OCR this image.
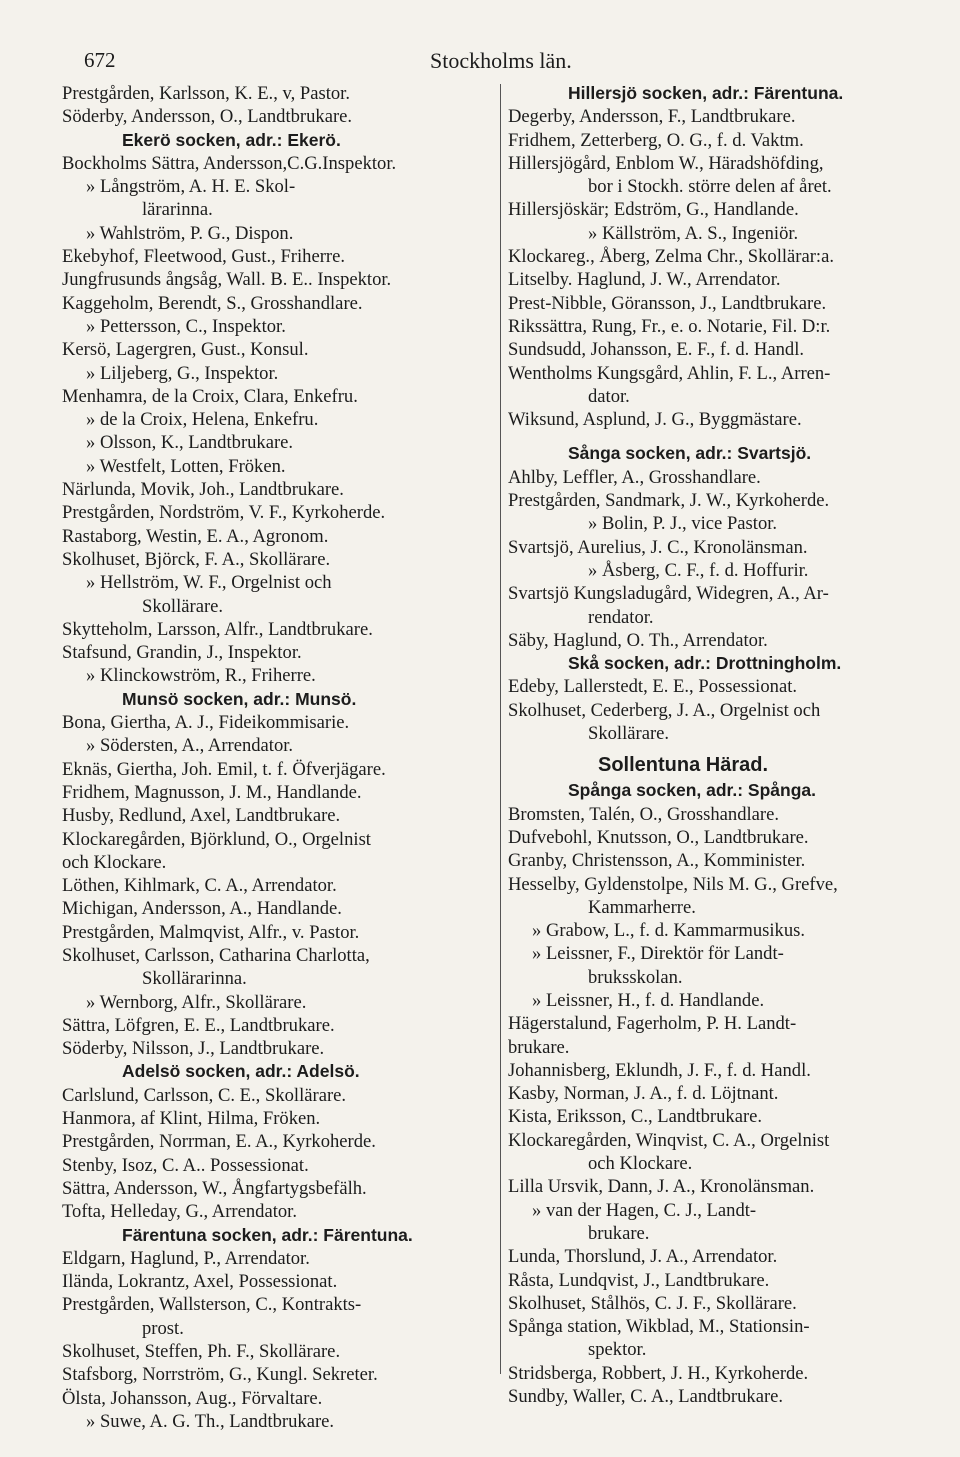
672	Stockholms län.
Prestgården, Karlsson, K. E., v, Pastor.
Söderby, Andersson, O., Landtbrukare.
Ekerö socken, adr.: Ekerö.
Bockholms Sättra, Andersson,C.G.Inspektor.
» Långström, A. H. E. Skol-
lärarinna.
» Wahlström, P. G., Dispon.
Ekebyhof, Fleetwood, Gust., Friherre.
Jungfrusunds ångsåg, Wall. B. E.. Inspektor.
Kaggeholm, Berendt, S., Grosshandlare.
» Pettersson, C., Inspektor.
Kersö, Lagergren, Gust., Konsul.
» Liljeberg, G., Inspektor.
Menhamra, de la Croix, Clara, Enkefru.
» de la Croix, Helena, Enkefru.
» Olsson, K., Landtbrukare.
» Westfelt, Lotten, Fröken.
Närlunda, Movik, Joh., Landtbrukare.
Prestgården, Nordström, V. F., Kyrkoherde.
Rastaborg, Westin, E. A., Agronom.
Skolhuset, Björck, F. A., Skollärare.
» Hellström, W. F., Orgelnist och
Skollärare.
Skytteholm, Larsson, Alfr., Landtbrukare.
Stafsund, Grandin, J., Inspektor.
» Klinckowström, R., Friherre.
Munsö socken, adr.: Munsö.
Bona, Giertha, A. J., Fideikommisarie.
» Södersten, A., Arrendator.
Eknäs, Giertha, Joh. Emil, t. f. Öfverjägare.
Fridhem, Magnusson, J. M., Handlande.
Husby, Redlund, Axel, Landtbrukare.
Klockaregården, Björklund, O., Orgelnist
och Klockare.
Löthen, Kihlmark, C. A., Arrendator.
Michigan, Andersson, A., Handlande.
Prestgården, Malmqvist, Alfr., v. Pastor.
Skolhuset, Carlsson, Catharina Charlotta,
Skollärarinna.
» Wernborg, Alfr., Skollärare.
Sättra, Löfgren, E. E., Landtbrukare.
Söderby, Nilsson, J., Landtbrukare.
Adelsö socken, adr.: Adelsö.
Carlslund, Carlsson, C. E., Skollärare.
Hanmora, af Klint, Hilma, Fröken.
Prestgården, Norrman, E. A., Kyrkoherde.
Stenby, Isoz, C. A.. Possessionat.
Sättra, Andersson, W., Ångfartygsbefälh.
Tofta, Helleday, G., Arrendator.
Färentuna socken, adr.: Färentuna.
Eldgarn, Haglund, P., Arrendator.
Ilända, Lokrantz, Axel, Possessionat.
Prestgården, Wallsterson, C., Kontrakts-
prost.
Skolhuset, Steffen, Ph. F., Skollärare.
Stafsborg, Norrström, G., Kungl. Sekreter.
Ölsta, Johansson, Aug., Förvaltare.
» Suwe, A. G. Th., Landtbrukare.
Hillersjö socken, adr.: Färentuna.
Degerby, Andersson, F., Landtbrukare.
Fridhem, Zetterberg, O. G., f. d. Vaktm.
Hillersjögård, Enblom W., Häradshöfding,
bor i Stockh. större delen af året.
Hillersjöskär; Edström, G., Handlande.
» Källström, A. S., Ingeniör.
Klockareg., Åberg, Zelma Chr., Skollärar:a.
Litselby. Haglund, J. W., Arrendator.
Prest-Nibble, Göransson, J., Landtbrukare.
Rikssättra, Rung, Fr., e. o. Notarie, Fil. D:r.
Sundsudd, Johansson, E. F., f. d. Handl.
Wentholms Kungsgård, Ahlin, F. L., Arren-
dator.
Wiksund, Asplund, J. G., Byggmästare.
Sånga socken, adr.: Svartsjö.
Ahlby, Leffler, A., Grosshandlare.
Prestgården, Sandmark, J. W., Kyrkoherde.
» Bolin, P. J., vice Pastor.
Svartsjö, Aurelius, J. C., Kronolänsman.
» Åsberg, C. F., f. d. Hoffurir.
Svartsjö Kungsladugård, Widegren, A., Ar-
rendator.
Säby, Haglund, O. Th., Arrendator.
Skå socken, adr.: Drottningholm.
Edeby, Lallerstedt, E. E., Possessionat.
Skolhuset, Cederberg, J. A., Orgelnist och
Skollärare.
Sollentuna Härad.
Spånga socken, adr.: Spånga.
Bromsten, Talén, O., Grosshandlare.
Dufvebohl, Knutsson, O., Landtbrukare.
Granby, Christensson, A., Komminister.
Hesselby, Gyldenstolpe, Nils M. G., Grefve,
Kammarherre.
» Grabow, L., f. d. Kammarmusikus.
» Leissner, F., Direktör för Landt-
bruksskolan.
» Leissner, H., f. d. Handlande.
Hägerstalund, Fagerholm, P. H. Landt-
brukare.
Johannisberg, Eklundh, J. F., f. d. Handl.
Kasby, Norman, J. A., f. d. Löjtnant.
Kista, Eriksson, C., Landtbrukare.
Klockaregården, Winqvist, C. A., Orgelnist
och Klockare.
Lilla Ursvik, Dann, J. A., Kronolänsman.
» van der Hagen, C. J., Landt-
brukare.
Lunda, Thorslund, J. A., Arrendator.
Råsta, Lundqvist, J., Landtbrukare.
Skolhuset, Stålhös, C. J. F., Skollärare.
Spånga station, Wikblad, M., Stationsin-
spektor.
Stridsberga, Robbert, J. H., Kyrkoherde.
Sundby, Waller, C. A., Landtbrukare.
